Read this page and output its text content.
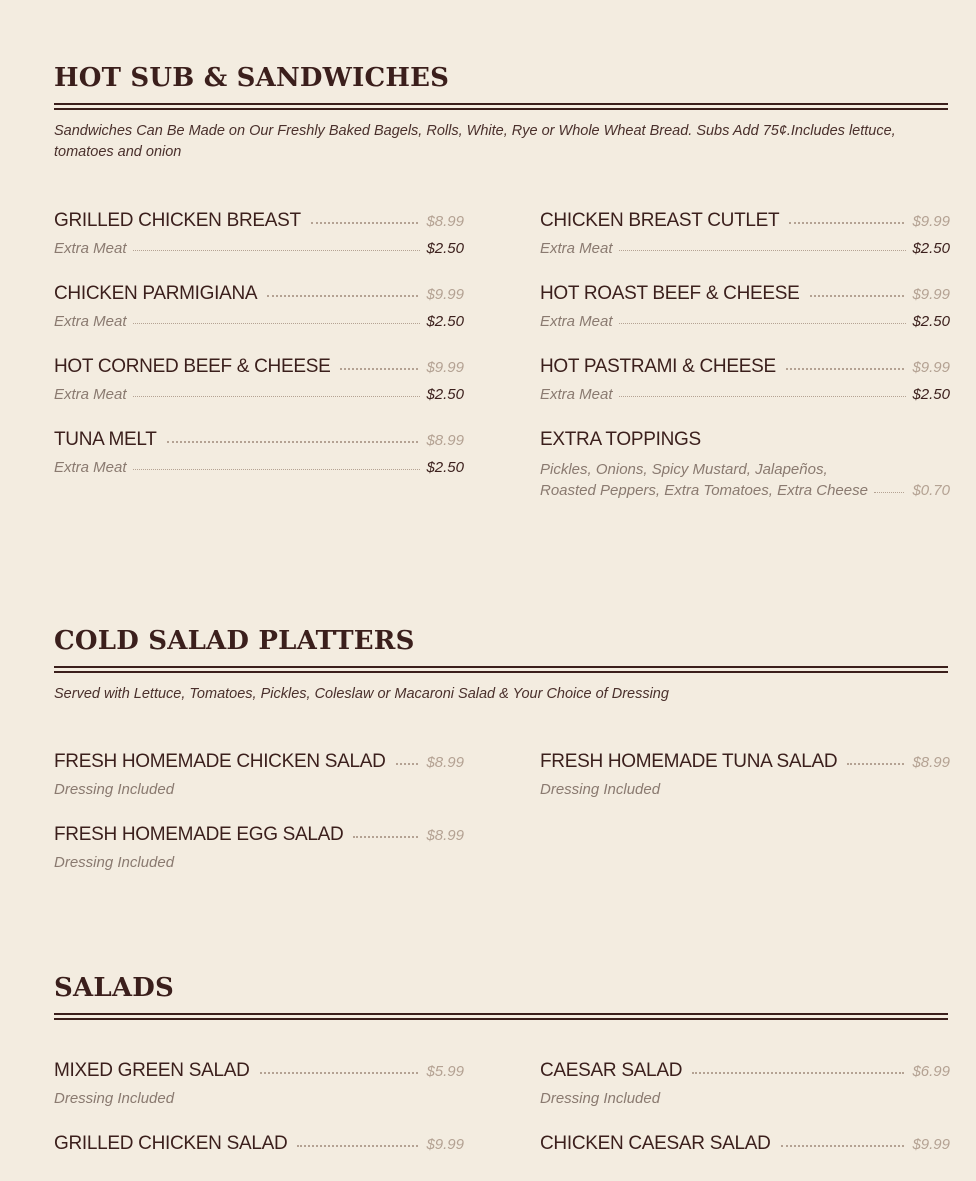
HOT SUB & SANDWICHES
Sandwiches Can Be Made on Our Freshly Baked Bagels, Rolls, White, Rye or Whole Wheat Bread. Subs Add 75¢.Includes lettuce, tomatoes and onion
GRILLED CHICKEN BREAST	$8.99
Extra Meat	$2.50
CHICKEN PARMIGIANA	$9.99
Extra Meat	$2.50
HOT CORNED BEEF & CHEESE	$9.99
Extra Meat	$2.50
TUNA MELT	$8.99
Extra Meat	$2.50
CHICKEN BREAST CUTLET	$9.99
Extra Meat	$2.50
HOT ROAST BEEF & CHEESE	$9.99
Extra Meat	$2.50
HOT PASTRAMI & CHEESE	$9.99
Extra Meat	$2.50
EXTRA TOPPINGS
Pickles, Onions, Spicy Mustard, Jalapeños,
Roasted Peppers, Extra Tomatoes, Extra Cheese	$0.70
COLD SALAD PLATTERS
Served with Lettuce, Tomatoes, Pickles, Coleslaw or Macaroni Salad & Your Choice of Dressing
FRESH HOMEMADE CHICKEN SALAD	$8.99
Dressing Included
FRESH HOMEMADE EGG SALAD	$8.99
Dressing Included
FRESH HOMEMADE TUNA SALAD	$8.99
Dressing Included
SALADS
MIXED GREEN SALAD	$5.99
Dressing Included
GRILLED CHICKEN SALAD	$9.99
CAESAR SALAD	$6.99
Dressing Included
CHICKEN CAESAR SALAD	$9.99
